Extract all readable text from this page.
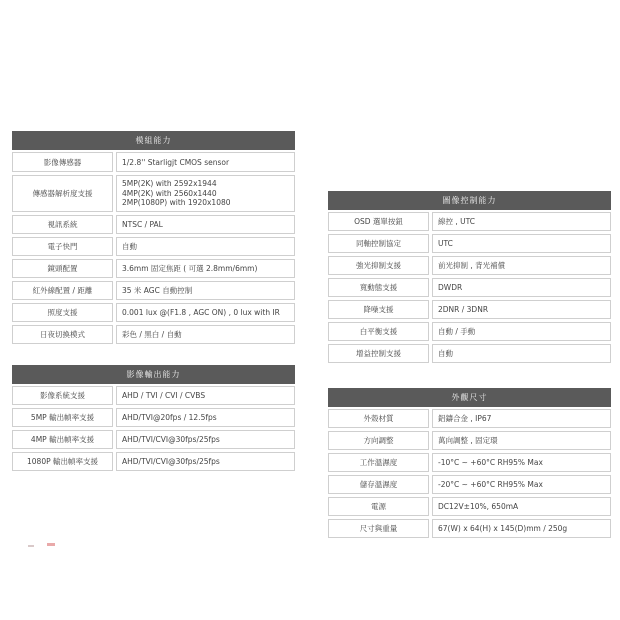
模組能力
影像傳感器	1/2.8'' Starligjt CMOS sensor
傳感器解析度支援
5MP(2K) with 2592x1944
4MP(2K) with 2560x1440
2MP(1080P) with 1920x1080
視訊系統	NTSC / PAL
電子快門	自動
鏡頭配置	3.6mm 固定焦距 ( 可選 2.8mm/6mm)
紅外線配置 / 距離	35 米 AGC 自動控制
照度支援	0.001 lux @(F1.8 , AGC ON) , 0 lux with IR
日夜切換模式	彩色 / 黑白 / 自動
影像輸出能力
影像系統支援	AHD / TVI / CVI / CVBS
5MP 輸出幀率支援	AHD/TVI@20fps / 12.5fps
4MP 輸出幀率支援	AHD/TVI/CVI@30fps/25fps
1080P 輸出幀率支援	AHD/TVI/CVI@30fps/25fps
圖像控制能力
OSD 選單按鈕	線控 , UTC
同軸控制協定	UTC
強光抑制支援	前光抑制 , 背光補償
寬動態支援	DWDR
降噪支援	2DNR / 3DNR
白平衡支援	自動 / 手動
增益控制支援	自動
外觀尺寸
外殼材質	鋁鑄合金 , IP67
方向調整	萬向調整 , 固定環
工作溫濕度	-10°C ~ +60°C RH95% Max
儲存溫濕度	-20°C ~ +60°C RH95% Max
電源	DC12V±10%, 650mA
尺寸與重量	67(W) x 64(H) x 145(D)mm / 250g
